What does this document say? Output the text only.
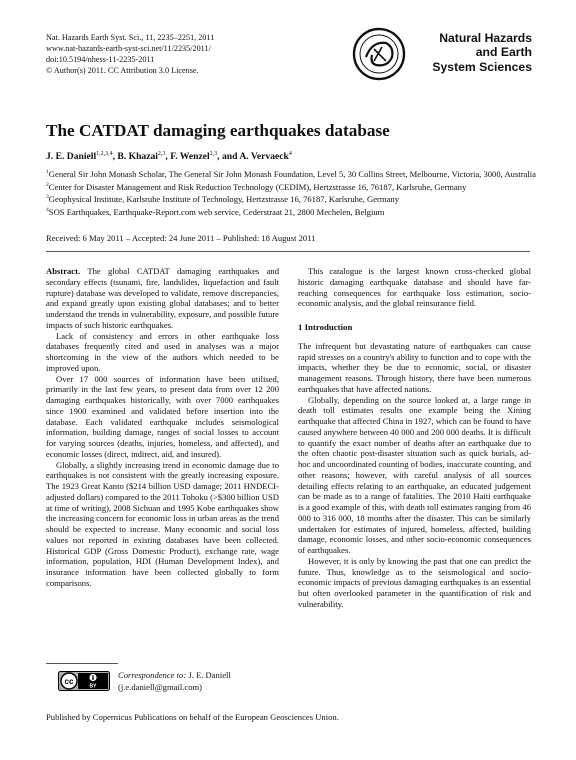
Nat. Hazards Earth Syst. Sci., 11, 2235–2251, 2011
www.nat-hazards-earth-syst-sci.net/11/2235/2011/
doi:10.5194/nhess-11-2235-2011
© Author(s) 2011. CC Attribution 3.0 License.
Natural Hazards
and Earth
System Sciences
The CATDAT damaging earthquakes database
J. E. Daniell$^{1,2,3,4}$, B. Khazai$^{2,3}$, F. Wenzel$^{2,3}$, and A. Vervaeck$^4$
$^1$General Sir John Monash Scholar, The General Sir John Monash Foundation, Level 5, 30 Collins Street, Melbourne, Victoria, 3000, Australia
$^2$Center for Disaster Management and Risk Reduction Technology (CEDIM), Hertzstrasse 16, 76187, Karlsruhe, Germany
$^3$Geophysical Institute, Karlsruhe Institute of Technology, Hertzstrasse 16, 76187, Karlsruhe, Germany
$^4$SOS Earthquakes, Earthquake-Report.com web service, Cederstraat 21, 2800 Mechelen, Belgium
Received: 6 May 2011 – Accepted: 24 June 2011 – Published: 18 August 2011

Abstract. The global CATDAT damaging earthquakes and secondary effects (tsunami, fire, landslides, liquefaction and fault rupture) database was developed to validate, remove discrepancies, and expand greatly upon existing global databases; and to better understand the trends in vulnerability, exposure, and possible future impacts of such historic earthquakes.

Lack of consistency and errors in other earthquake loss databases frequently cited and used in analyses was a major shortcoming in the view of the authors which needed to be improved upon.

Over 17 000 sources of information have been utilised, primarily in the last few years, to present data from over 12 200 damaging earthquakes historically, with over 7000 earthquakes since 1900 examined and validated before insertion into the database. Each validated earthquake includes seismological information, building damage, ranges of social losses to account for varying sources (deaths, injuries, homeless, and affected), and economic losses (direct, indirect, aid, and insured).

Globally, a slightly increasing trend in economic damage due to earthquakes is not consistent with the greatly increasing exposure. The 1923 Great Kanto ($214 billion USD damage; 2011 HNDECI-adjusted dollars) compared to the 2011 Tohoku (>$300 billion USD at time of writing), 2008 Sichuan and 1995 Kobe earthquakes show the increasing concern for economic loss in urban areas as the trend should be expected to increase. Many economic and social loss values not reported in existing databases have been collected. Historical GDP (Gross Domestic Product), exchange rate, wage information, population, HDI (Human Development Index), and insurance information have been collected globally to form comparisons.

This catalogue is the largest known cross-checked global historic damaging earthquake database and should have far-reaching consequences for earthquake loss estimation, socio-economic analysis, and the global reinsurance field.

1 Introduction

The infrequent but devastating nature of earthquakes can cause rapid stresses on a country's ability to function and to cope with the impacts, whether they be due to economic, social, or disaster management reasons. Through history, there have been numerous earthquakes that have affected nations.

Globally, depending on the source looked at, a large range in death toll estimates results one example being the Xining earthquake that affected China in 1927, which can be found to have caused anywhere between 40 000 and 200 000 deaths. It is difficult to quantify the exact number of deaths after an earthquake due to the often chaotic post-disaster situation such as quick burials, ad-hoc and uncoordinated counting of bodies, inaccurate counting, and other reasons; however, with careful analysis of all sources detailing effects relating to an earthquake, an educated judgement can be made as to a range of fatalities. The 2010 Haiti earthquake is a good example of this, with death toll estimates ranging from 46 000 to 316 000, 18 months after the disaster. This can be similarly undertaken for estimates of injured, homeless, affected, building damage, economic losses, and other socio-economic consequences of earthquakes.

However, it is only by knowing the past that one can predict the future. Thus, knowledge as to the seismological and socio-economic impacts of previous damaging earthquakes is an essential but often overlooked parameter in the quantification of risk and vulnerability.

cc
BY
Correspondence to: J. E. Daniell
(j.e.daniell@gmail.com)
Published by Copernicus Publications on behalf of the European Geosciences Union.
